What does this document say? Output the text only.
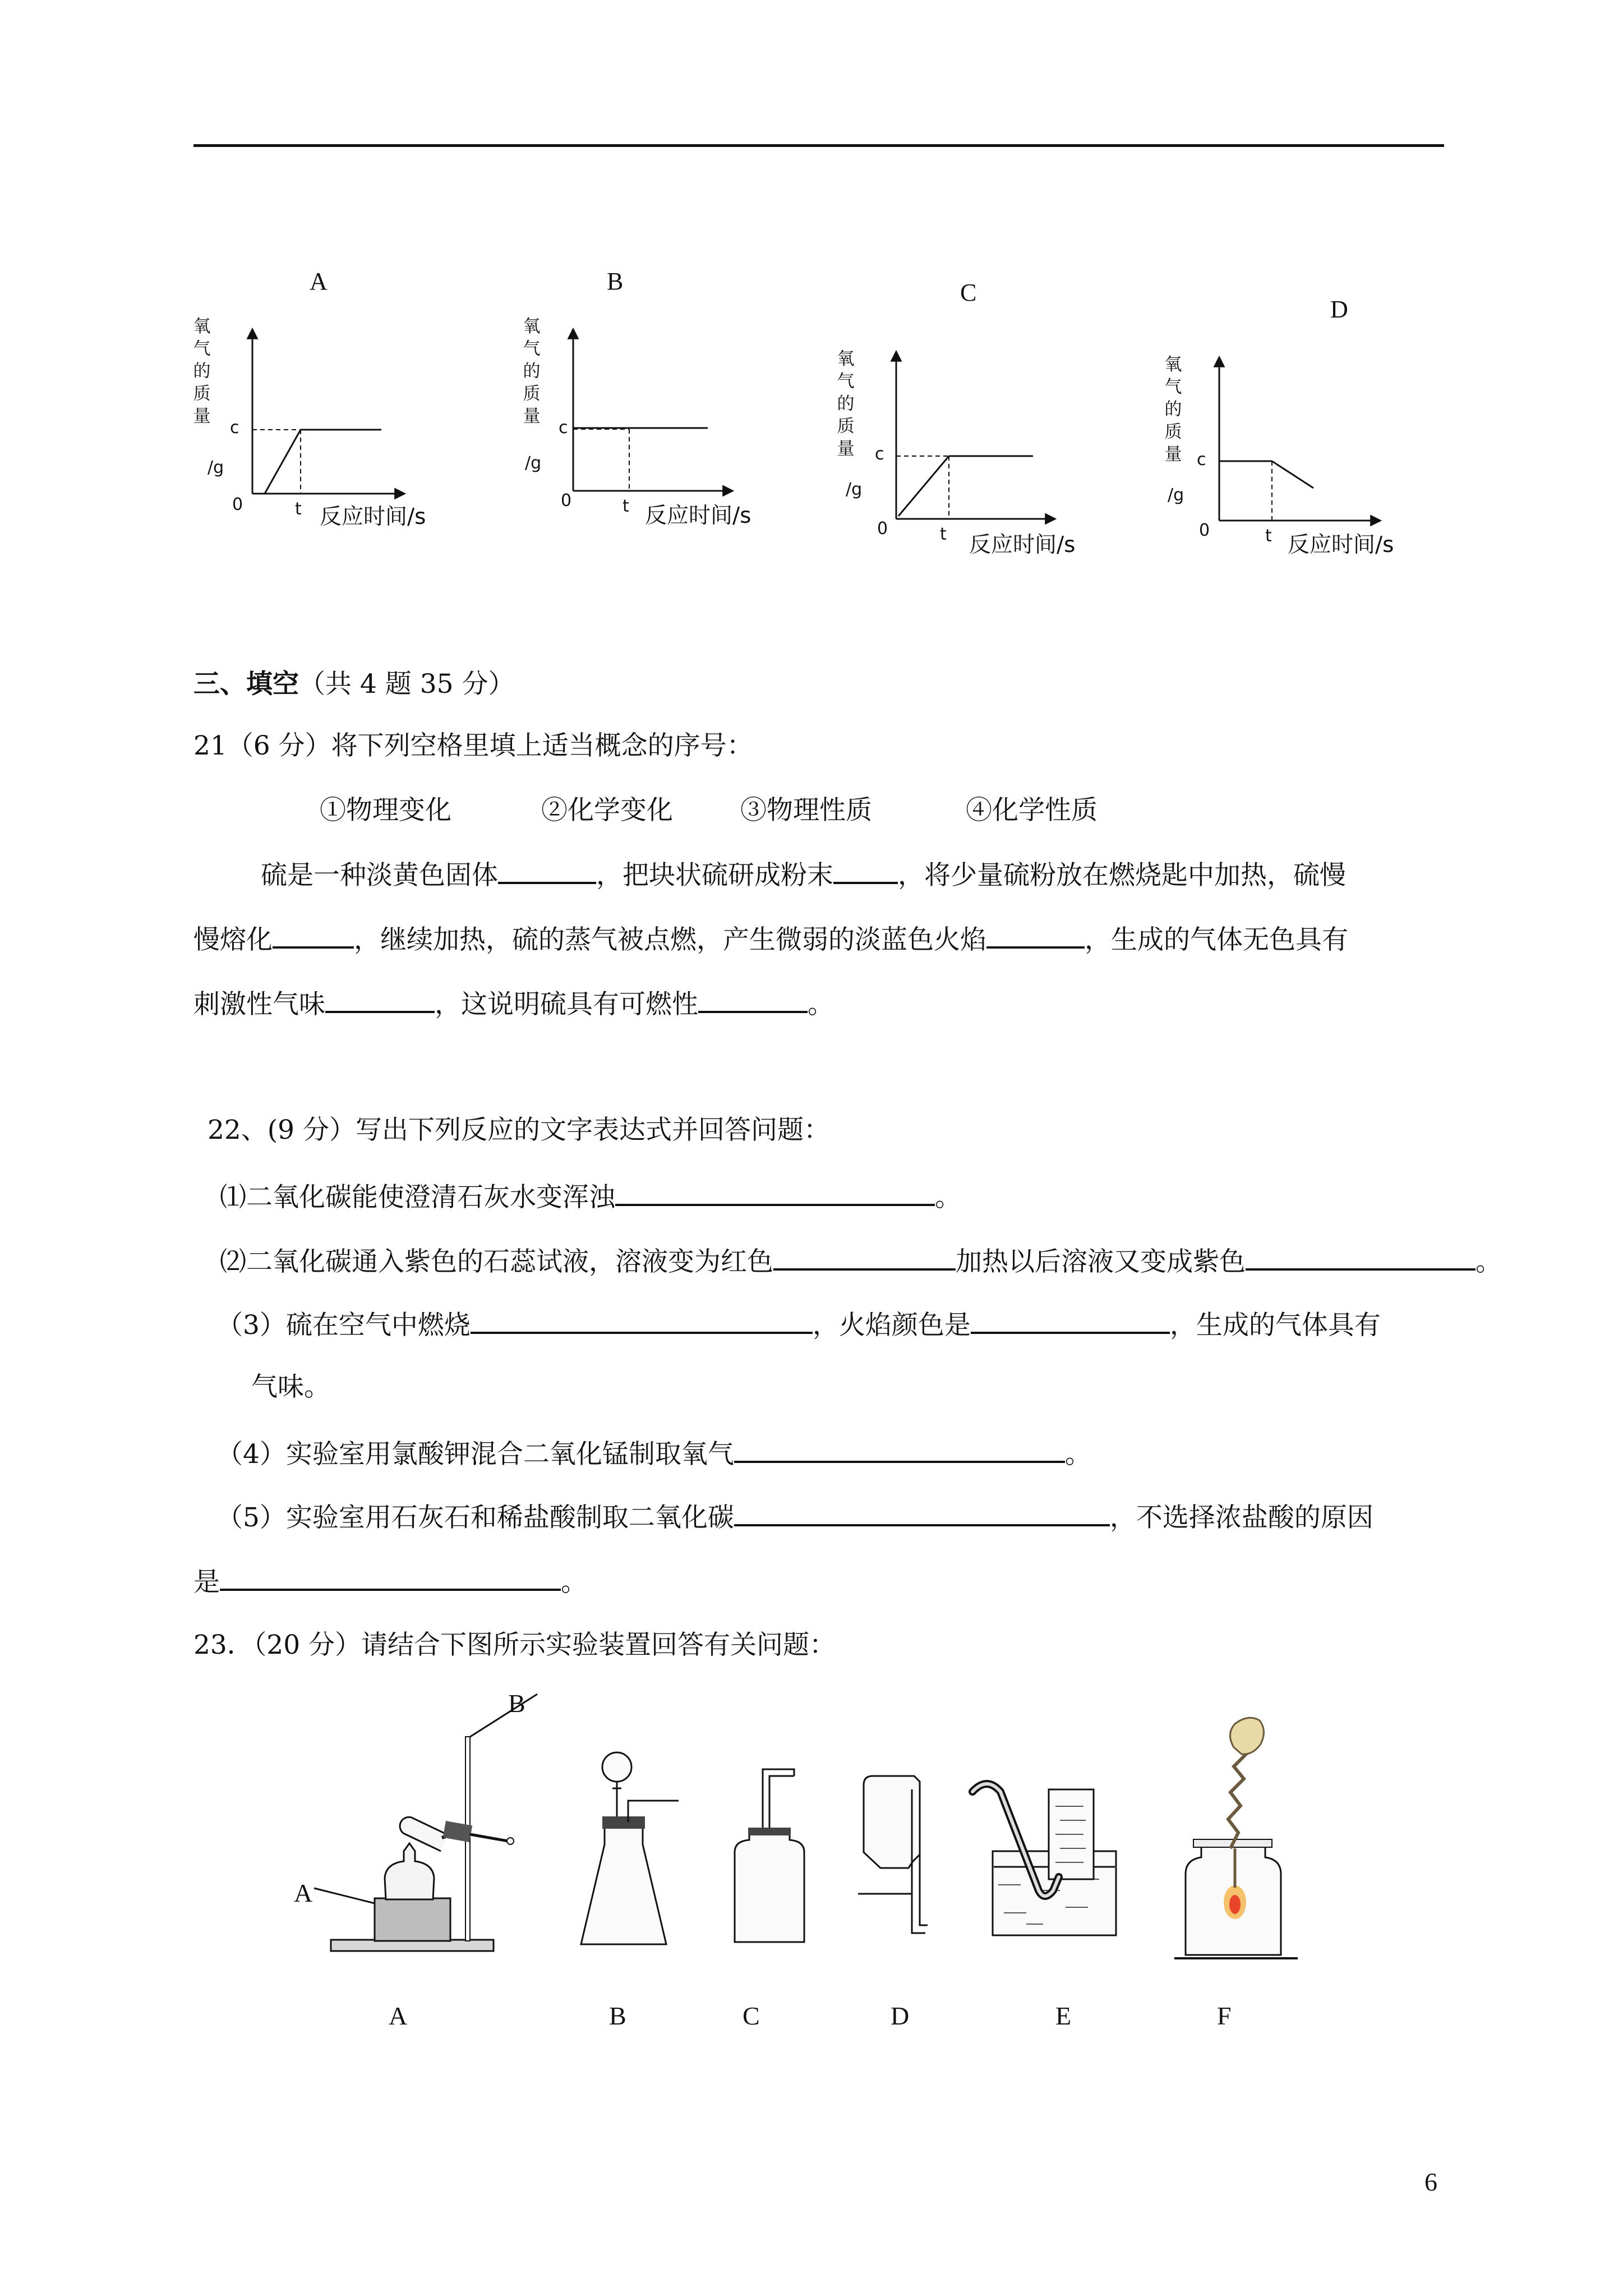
A
氧
气
的
质
量
/g
c
0	t 反应时间/s
B
氧
气
的
质
量
/g
c
0	t 反应时间/s
C
氧
气
的
质
量
/g
c
0	t 反应时间/s
D
氧
气
的
质
量
/g
c
0	t 反应时间/s
三、填空（共 4 题 35 分）
21（6 分）将下列空格里填上适当概念的序号：
①物理变化	②化学变化	③物理性质	④化学性质
硫是一种淡黄色固体	，把块状硫研成粉末 ，将少量硫粉放在燃烧匙中加热，硫慢
慢熔化	，继续加热，硫的蒸气被点燃，产生微弱的淡蓝色火焰	，生成的气体无色具有
刺激性气味	，这说明硫具有可燃性	。
22、(9 分）写出下列反应的文字表达式并回答问题：
⑴二氧化碳能使澄清石灰水变浑浊	。
⑵二氧化碳通入紫色的石蕊试液，溶液变为红色	加热以后溶液又变成紫色	。
（3）硫在空气中燃烧	，火焰颜色是	，生成的气体具有
气味。
（4）实验室用氯酸钾混合二氧化锰制取氧气	。
（5）实验室用石灰石和稀盐酸制取二氧化碳	，不选择浓盐酸的原因
是	。
23．（20 分）请结合下图所示实验装置回答有关问题：
A
B
A	B	C	D	E	F
6
